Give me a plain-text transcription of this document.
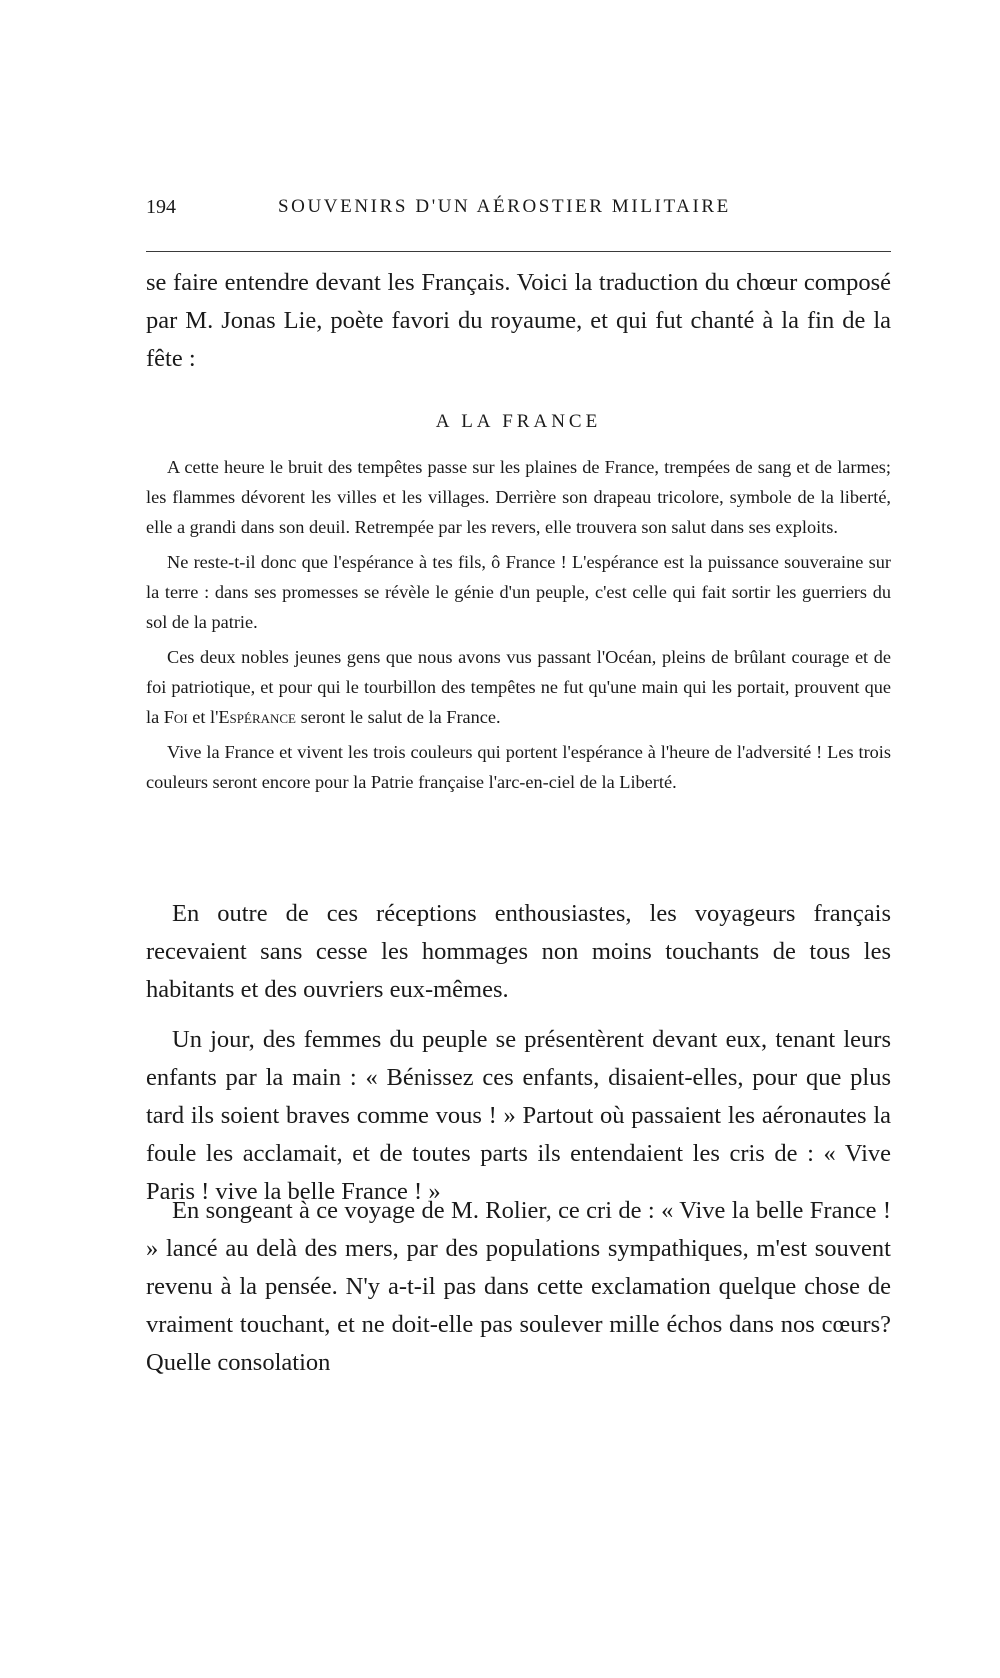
194	SOUVENIRS D'UN AÉROSTIER MILITAIRE

se faire entendre devant les Français. Voici la traduction du chœur composé par M. Jonas Lie, poète favori du royaume, et qui fut chanté à la fin de la fête :

A LA FRANCE

A cette heure le bruit des tempêtes passe sur les plaines de France, trempées de sang et de larmes; les flammes dévorent les villes et les villages. Derrière son drapeau tricolore, symbole de la liberté, elle a grandi dans son deuil. Retrempée par les revers, elle trouvera son salut dans ses exploits.

Ne reste-t-il donc que l'espérance à tes fils, ô France ! L'espérance est la puissance souveraine sur la terre : dans ses promesses se révèle le génie d'un peuple, c'est celle qui fait sortir les guerriers du sol de la patrie.

Ces deux nobles jeunes gens que nous avons vus passant l'Océan, pleins de brûlant courage et de foi patriotique, et pour qui le tourbillon des tempêtes ne fut qu'une main qui les portait, prouvent que la Foi et l'Espérance seront le salut de la France.

Vive la France et vivent les trois couleurs qui portent l'espérance à l'heure de l'adversité ! Les trois couleurs seront encore pour la Patrie française l'arc-en-ciel de la Liberté.

En outre de ces réceptions enthousiastes, les voyageurs français recevaient sans cesse les hommages non moins touchants de tous les habitants et des ouvriers eux-mêmes.

Un jour, des femmes du peuple se présentèrent devant eux, tenant leurs enfants par la main : « Bénissez ces enfants, disaient-elles, pour que plus tard ils soient braves comme vous ! » Partout où passaient les aéronautes la foule les acclamait, et de toutes parts ils entendaient les cris de : « Vive Paris ! vive la belle France ! »

En songeant à ce voyage de M. Rolier, ce cri de : « Vive la belle France ! » lancé au delà des mers, par des populations sympathiques, m'est souvent revenu à la pensée. N'y a-t-il pas dans cette exclamation quelque chose de vraiment touchant, et ne doit-elle pas soulever mille échos dans nos cœurs? Quelle consolation
